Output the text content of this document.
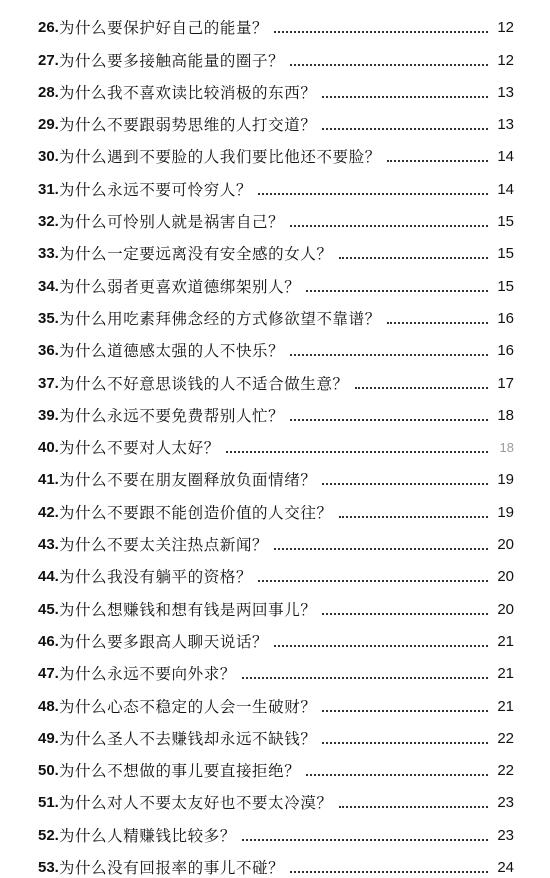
26. 为什么要保护好自己的能量？	12
27. 为什么要多接触高能量的圈子？	12
28. 为什么我不喜欢读比较消极的东西？	13
29. 为什么不要跟弱势思维的人打交道？	13
30. 为什么遇到不要脸的人我们要比他还不要脸？	14
31. 为什么永远不要可怜穷人？	14
32. 为什么可怜别人就是祸害自己？	15
33. 为什么一定要远离没有安全感的女人？	15
34. 为什么弱者更喜欢道德绑架别人？	15
35. 为什么用吃素拜佛念经的方式修欲望不靠谱？	16
36. 为什么道德感太强的人不快乐？	16
37. 为什么不好意思谈钱的人不适合做生意？	17
39. 为什么永远不要免费帮别人忙？	18
40. 为什么不要对人太好？	18
41. 为什么不要在朋友圈释放负面情绪？	19
42. 为什么不要跟不能创造价值的人交往？	19
43. 为什么不要太关注热点新闻？	20
44. 为什么我没有躺平的资格？	20
45. 为什么想赚钱和想有钱是两回事儿？	20
46. 为什么要多跟高人聊天说话？	21
47. 为什么永远不要向外求？	21
48. 为什么心态不稳定的人会一生破财？	21
49. 为什么圣人不去赚钱却永远不缺钱？	22
50. 为什么不想做的事儿要直接拒绝？	22
51. 为什么对人不要太友好也不要太冷漠？	23
52. 为什么人精赚钱比较多？	23
53. 为什么没有回报率的事儿不碰？	24
